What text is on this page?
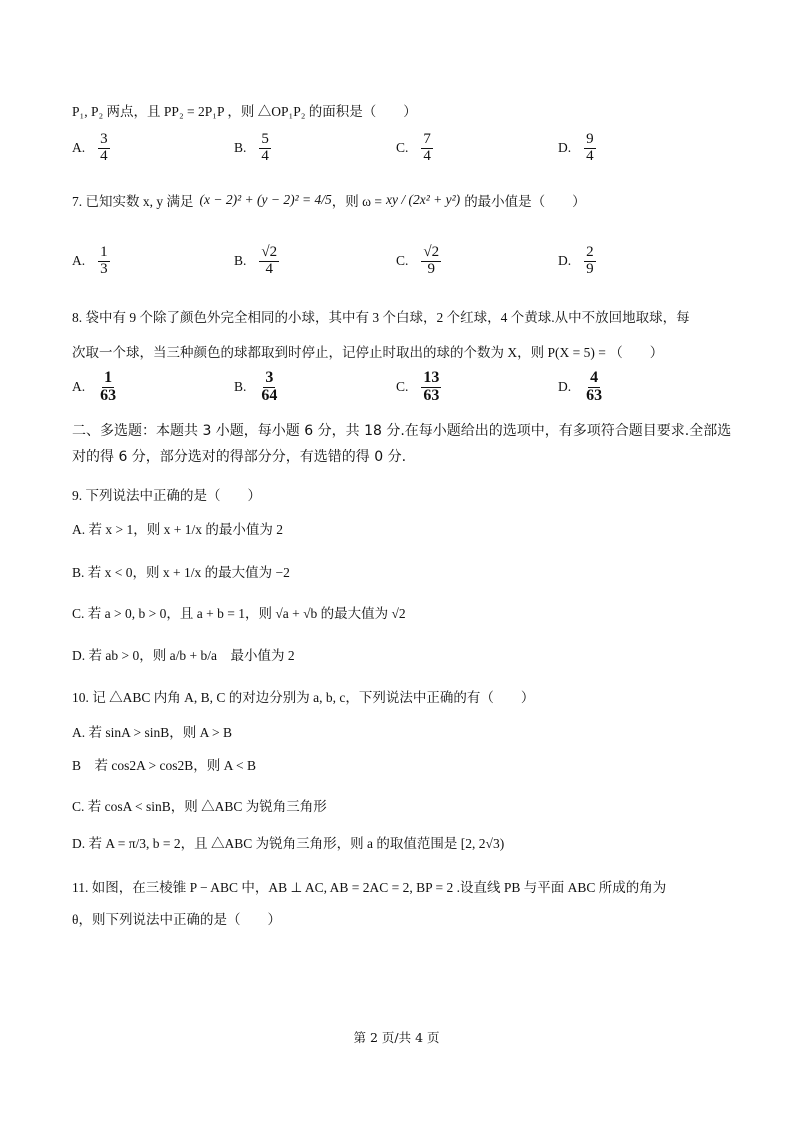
P₁, P₂ 两点，且 PP₂ = 2P₁P ，则 △OP₁P₂ 的面积是（　　）
A. $\frac{3}{4}$	B. $\frac{5}{4}$	C. $\frac{7}{4}$	D. $\frac{9}{4}$
7. 已知实数 x, y 满足 (x − 2)² + (y − 2)² = 4/5 ，则 ω = xy / (2x² + y²) 的最小值是（　　）
A. $\frac{1}{3}$	B. $\frac{√2}{4}$	C. $\frac{√2}{9}$	D. $\frac{2}{9}$
8. 袋中有 9 个除了颜色外完全相同的小球，其中有 3 个白球，2 个红球，4 个黄球.从中不放回地取球，每
次取一个球，当三种颜色的球都取到时停止，记停止时取出的球的个数为 X，则 P(X = 5) = （　　）
A. $\frac{1}{63}$	B. $\frac{3}{64}$	C. $\frac{13}{63}$	D. $\frac{4}{63}$
二、多选题：本题共 3 小题，每小题 6 分，共 18 分.在每小题给出的选项中，有多项符合题目要求.全部选对的得 6 分，部分选对的得部分分，有选错的得 0 分.
9. 下列说法中正确的是（　　）
A. 若 x > 1，则 x + 1/x 的最小值为 2
B. 若 x < 0，则 x + 1/x 的最大值为 −2
C. 若 a > 0, b > 0，且 a + b = 1，则 √a + √b 的最大值为 √2
D. 若 ab > 0，则 a/b + b/a　最小值为 2
10. 记 △ABC 内角 A, B, C 的对边分别为 a, b, c，下列说法中正确的有（　　）
A. 若 sinA > sinB，则 A > B
B　若 cos2A > cos2B，则 A < B
C. 若 cosA < sinB，则 △ABC 为锐角三角形
D. 若 A = π/3, b = 2，且 △ABC 为锐角三角形，则 a 的取值范围是 [2, 2√3)
11. 如图，在三棱锥 P − ABC 中，AB ⊥ AC, AB = 2AC = 2, BP = 2 .设直线 PB 与平面 ABC 所成的角为
θ，则下列说法中正确的是（　　）
第 2 页/共 4 页
